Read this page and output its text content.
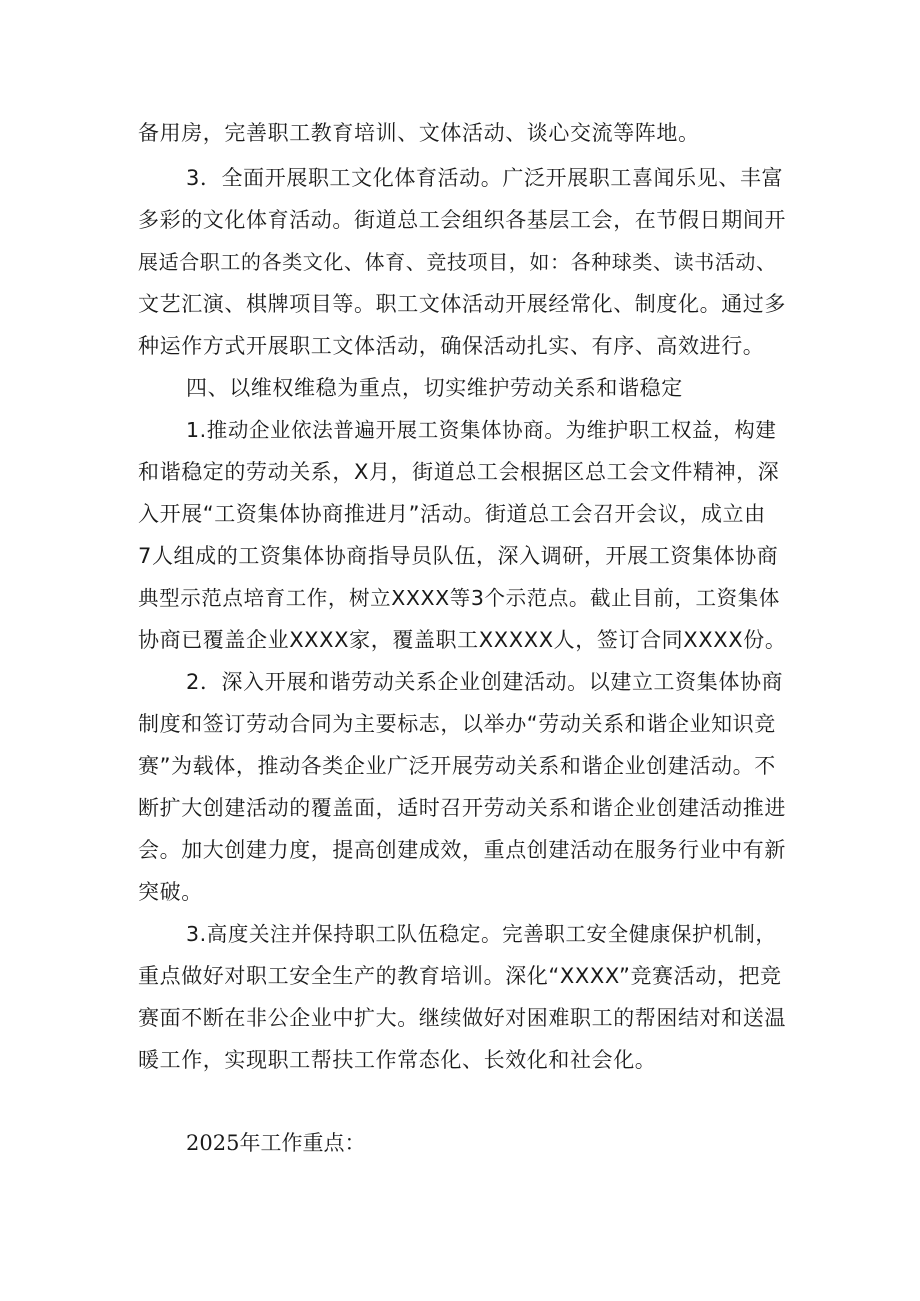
备用房，完善职工教育培训、文体活动、谈心交流等阵地。
3．全面开展职工文化体育活动。广泛开展职工喜闻乐见、丰富
多彩的文化体育活动。街道总工会组织各基层工会，在节假日期间开
展适合职工的各类文化、体育、竞技项目，如：各种球类、读书活动、
文艺汇演、棋牌项目等。职工文体活动开展经常化、制度化。通过多
种运作方式开展职工文体活动，确保活动扎实、有序、高效进行。
四、以维权维稳为重点，切实维护劳动关系和谐稳定
1.推动企业依法普遍开展工资集体协商。为维护职工权益，构建
和谐稳定的劳动关系，X月，街道总工会根据区总工会文件精神，深
入开展“工资集体协商推进月”活动。街道总工会召开会议，成立由
7人组成的工资集体协商指导员队伍，深入调研，开展工资集体协商
典型示范点培育工作，树立XXXX等3个示范点。截止目前，工资集体
协商已覆盖企业XXXX家，覆盖职工XXXXX人，签订合同XXXX份。
2．深入开展和谐劳动关系企业创建活动。以建立工资集体协商
制度和签订劳动合同为主要标志，以举办“劳动关系和谐企业知识竞
赛”为载体，推动各类企业广泛开展劳动关系和谐企业创建活动。不
断扩大创建活动的覆盖面，适时召开劳动关系和谐企业创建活动推进
会。加大创建力度，提高创建成效，重点创建活动在服务行业中有新
突破。
3.高度关注并保持职工队伍稳定。完善职工安全健康保护机制，
重点做好对职工安全生产的教育培训。深化“XXXX”竞赛活动，把竞
赛面不断在非公企业中扩大。继续做好对困难职工的帮困结对和送温
暖工作，实现职工帮扶工作常态化、长效化和社会化。
2025年工作重点：
